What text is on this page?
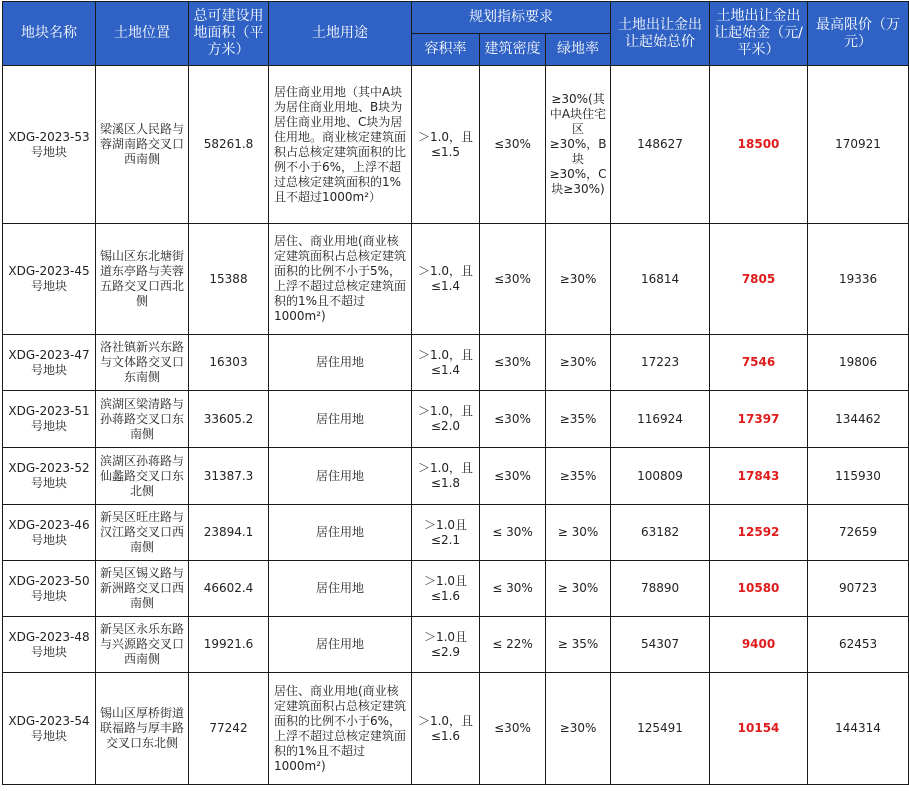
地块名称	土地位置	总可建设用地面积（平方米）	土地用途	规划指标要求			土地出让金出让起始总价	土地出让金出让起始金（元/平米）	最高限价（万元）
				容积率	建筑密度	绿地率			
XDG-2023-53号地块	梁溪区人民路与蓉湖南路交叉口西南侧	58261.8	居住商业用地（其中A块为居住商业用地、B块为居住商业用地、C块为居住用地。商业核定建筑面积占总核定建筑面积的比例不小于6%，上浮不超过总核定建筑面积的1%且不超过1000m²）	＞1.0，且≤1.5	≤30%	≥30%(其中A块住宅区≥30%，B块≥30%，C块≥30%)	148627	18500	170921
XDG-2023-45号地块	锡山区东北塘街道东亭路与芙蓉五路交叉口西北侧	15388	居住、商业用地(商业核定建筑面积占总核定建筑面积的比例不小于5%，上浮不超过总核定建筑面积的1%且不超过1000m²)	＞1.0，且≤1.4	≤30%	≥30%	16814	7805	19336
XDG-2023-47号地块	洛社镇新兴东路与文体路交叉口东南侧	16303	居住用地	＞1.0，且≤1.4	≤30%	≥30%	17223	7546	19806
XDG-2023-51号地块	滨湖区梁清路与孙蒋路交叉口东南侧	33605.2	居住用地	＞1.0，且≤2.0	≤30%	≥35%	116924	17397	134462
XDG-2023-52号地块	滨湖区孙蒋路与仙蠡路交叉口东北侧	31387.3	居住用地	＞1.0，且≤1.8	≤30%	≥35%	100809	17843	115930
XDG-2023-46号地块	新吴区旺庄路与汉江路交叉口西南侧	23894.1	居住用地	＞1.0且≤2.1	≤ 30%	≥ 30%	63182	12592	72659
XDG-2023-50号地块	新吴区锡义路与新洲路交叉口西南侧	46602.4	居住用地	＞1.0且≤1.6	≤ 30%	≥ 30%	78890	10580	90723
XDG-2023-48号地块	新吴区永乐东路与兴源路交叉口西南侧	19921.6	居住用地	＞1.0且≤2.9	≤ 22%	≥ 35%	54307	9400	62453
XDG-2023-54号地块	锡山区厚桥街道联福路与厚丰路交叉口东北侧	77242	居住、商业用地(商业核定建筑面积占总核定建筑面积的比例不小于6%，上浮不超过总核定建筑面积的1%且不超过1000m²)	＞1.0，且≤1.6	≤30%	≥30%	125491	10154	144314
